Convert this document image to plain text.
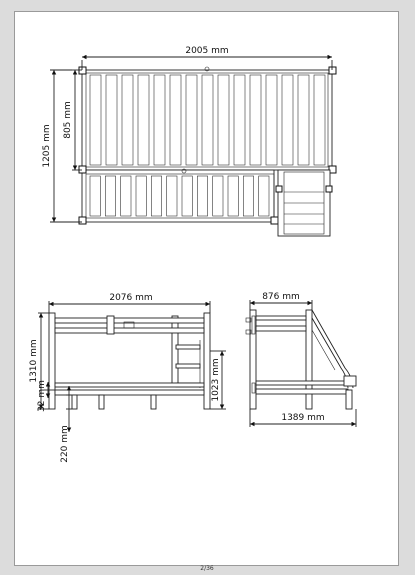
2005 mm
805 mm
1205 mm
2076 mm
1310 mm
32 mm
220 mm
1023 mm
876 mm
1389 mm
2/36
